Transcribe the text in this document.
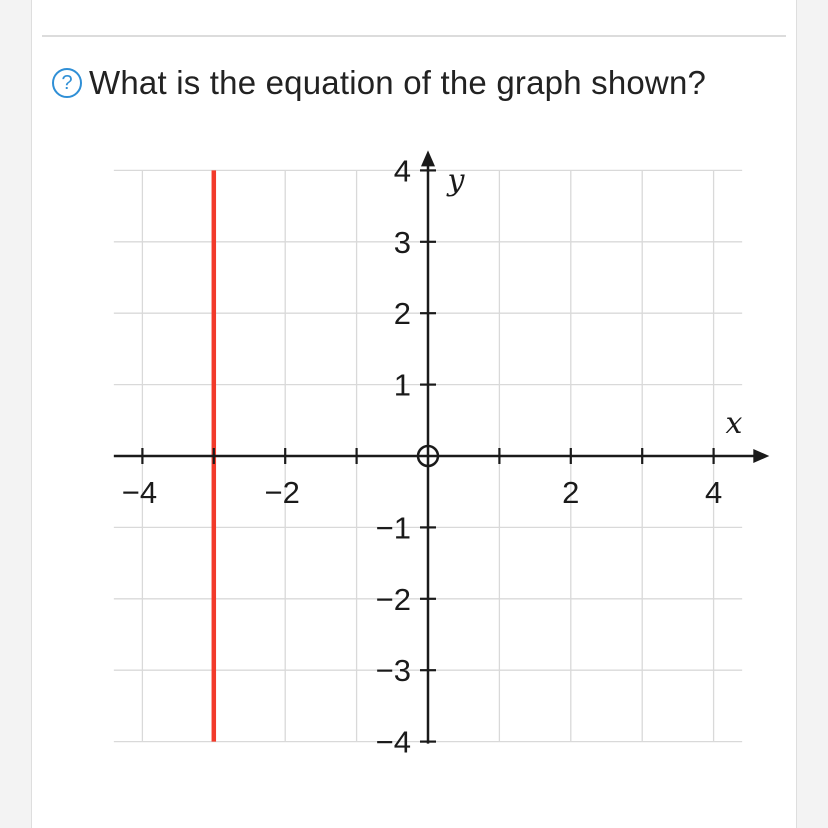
? What is the equation of the graph shown?
−4	−2	2	4
4
3
2
1
−1
−2
−3
−4
x
y
